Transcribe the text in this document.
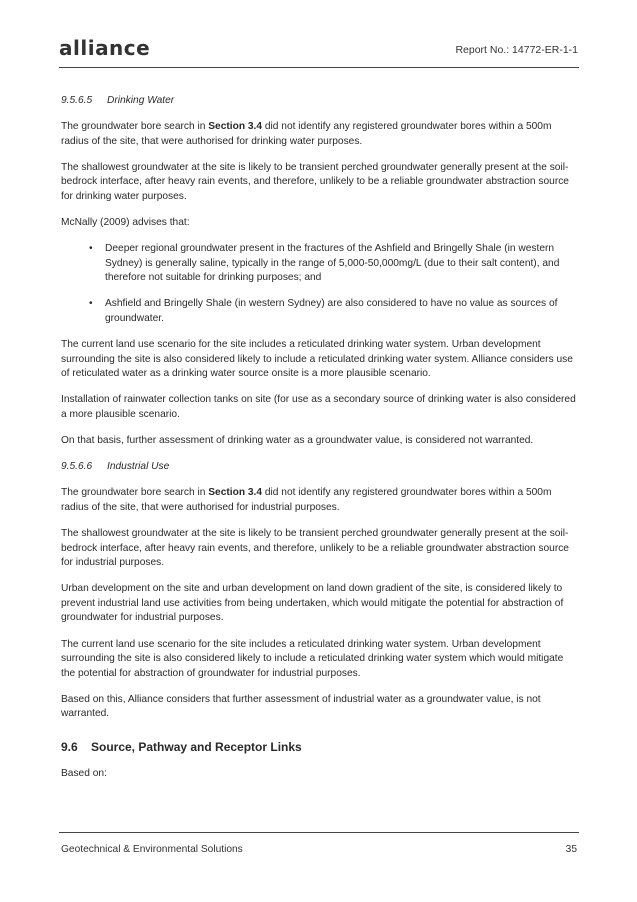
alliance	Report No.: 14772-ER-1-1
9.5.6.5 Drinking Water

The groundwater bore search in Section 3.4 did not identify any registered groundwater bores within a 500m radius of the site, that were authorised for drinking water purposes.

The shallowest groundwater at the site is likely to be transient perched groundwater generally present at the soil-bedrock interface, after heavy rain events, and therefore, unlikely to be a reliable groundwater abstraction source for drinking water purposes.

McNally (2009) advises that:

• Deeper regional groundwater present in the fractures of the Ashfield and Bringelly Shale (in western Sydney) is generally saline, typically in the range of 5,000-50,000mg/L (due to their salt content), and therefore not suitable for drinking purposes; and
• Ashfield and Bringelly Shale (in western Sydney) are also considered to have no value as sources of groundwater.

The current land use scenario for the site includes a reticulated drinking water system. Urban development surrounding the site is also considered likely to include a reticulated drinking water system. Alliance considers use of reticulated water as a drinking water source onsite is a more plausible scenario.

Installation of rainwater collection tanks on site (for use as a secondary source of drinking water is also considered a more plausible scenario.

On that basis, further assessment of drinking water as a groundwater value, is considered not warranted.

9.5.6.6 Industrial Use

The groundwater bore search in Section 3.4 did not identify any registered groundwater bores within a 500m radius of the site, that were authorised for industrial purposes.

The shallowest groundwater at the site is likely to be transient perched groundwater generally present at the soil-bedrock interface, after heavy rain events, and therefore, unlikely to be a reliable groundwater abstraction source for industrial purposes.

Urban development on the site and urban development on land down gradient of the site, is considered likely to prevent industrial land use activities from being undertaken, which would mitigate the potential for abstraction of groundwater for industrial purposes.

The current land use scenario for the site includes a reticulated drinking water system. Urban development surrounding the site is also considered likely to include a reticulated drinking water system which would mitigate the potential for abstraction of groundwater for industrial purposes.

Based on this, Alliance considers that further assessment of industrial water as a groundwater value, is not warranted.

9.6 Source, Pathway and Receptor Links

Based on:

Geotechnical & Environmental Solutions	35
